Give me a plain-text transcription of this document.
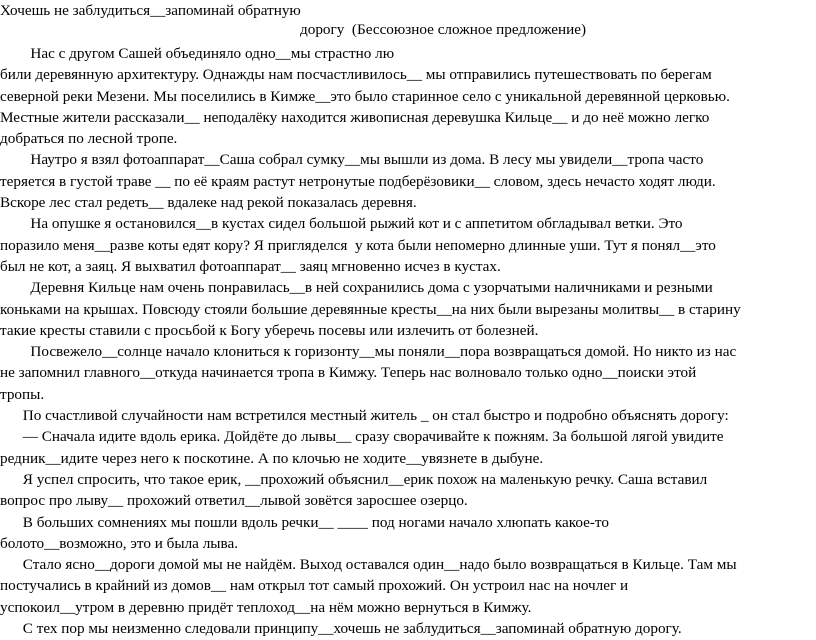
Хочешь не заблудиться__запоминай обратную

дорогу  (Бессоюзное сложное предложение)

Нас с другом Сашей объединяло одно__мы страстно лю

били деревянную архитектуру. Однажды нам посчастливилось__ мы отправились путешествовать по берегам

северной реки Мезени. Мы поселились в Кимже__это было старинное село с уникальной деревянной церковью.

Местные жители рассказали__ неподалёку находится живописная деревушка Кильце__ и до неё можно легко

добраться по лесной тропе.

Наутро я взял фотоаппарат__Саша собрал сумку__мы вышли из дома. В лесу мы увидели__тропа часто

теряется в густой траве __ по её краям растут нетронутые подберёзовики__ словом, здесь нечасто ходят люди.

Вскоре лес стал редеть__ вдалеке над рекой показалась деревня.

На опушке я остановился__в кустах сидел большой рыжий кот и с аппетитом обгладывал ветки. Это

поразило меня__разве коты едят кору? Я пригляделся  у кота были непомерно длинные уши. Тут я понял__это

был не кот, а заяц. Я выхватил фотоаппарат__ заяц мгновенно исчез в кустах.

Деревня Кильце нам очень понравилась__в ней сохранились дома с узорчатыми наличниками и резными

коньками на крышах. Повсюду стояли большие деревянные кресты__на них были вырезаны молитвы__ в старину

такие кресты ставили с просьбой к Богу уберечь посевы или излечить от болезней.

Посвежело__солнце начало клониться к горизонту__мы поняли__пора возвращаться домой. Но никто из нас

не запомнил главного__откуда начинается тропа в Кимжу. Теперь нас волновало только одно__поиски этой

тропы.

По счастливой случайности нам встретился местный житель _ он стал быстро и подробно объяснять дорогу:

— Сначала идите вдоль ерика. Дойдёте до лывы__ сразу сворачивайте к пожням. За большой лягой увидите

редник__идите через него к поскотине. А по клочью не ходите__увязнете в дыбуне.

Я успел спросить, что такое ерик, __прохожий объяснил__ерик похож на маленькую речку. Саша вставил

вопрос про лыву__ прохожий ответил__лывой зовётся заросшее озерцо.

В больших сомнениях мы пошли вдоль речки__ ____ под ногами начало хлюпать какое-то

болото__возможно, это и была лыва.

Стало ясно__дороги домой мы не найдём. Выход оставался один__надо было возвращаться в Кильце. Там мы

постучались в крайний из домов__ нам открыл тот самый прохожий. Он устроил нас на ночлег и

успокоил__утром в деревню придёт теплоход__на нём можно вернуться в Кимжу.

С тех пор мы неизменно следовали принципу__хочешь не заблудиться__запоминай обратную дорогу.
